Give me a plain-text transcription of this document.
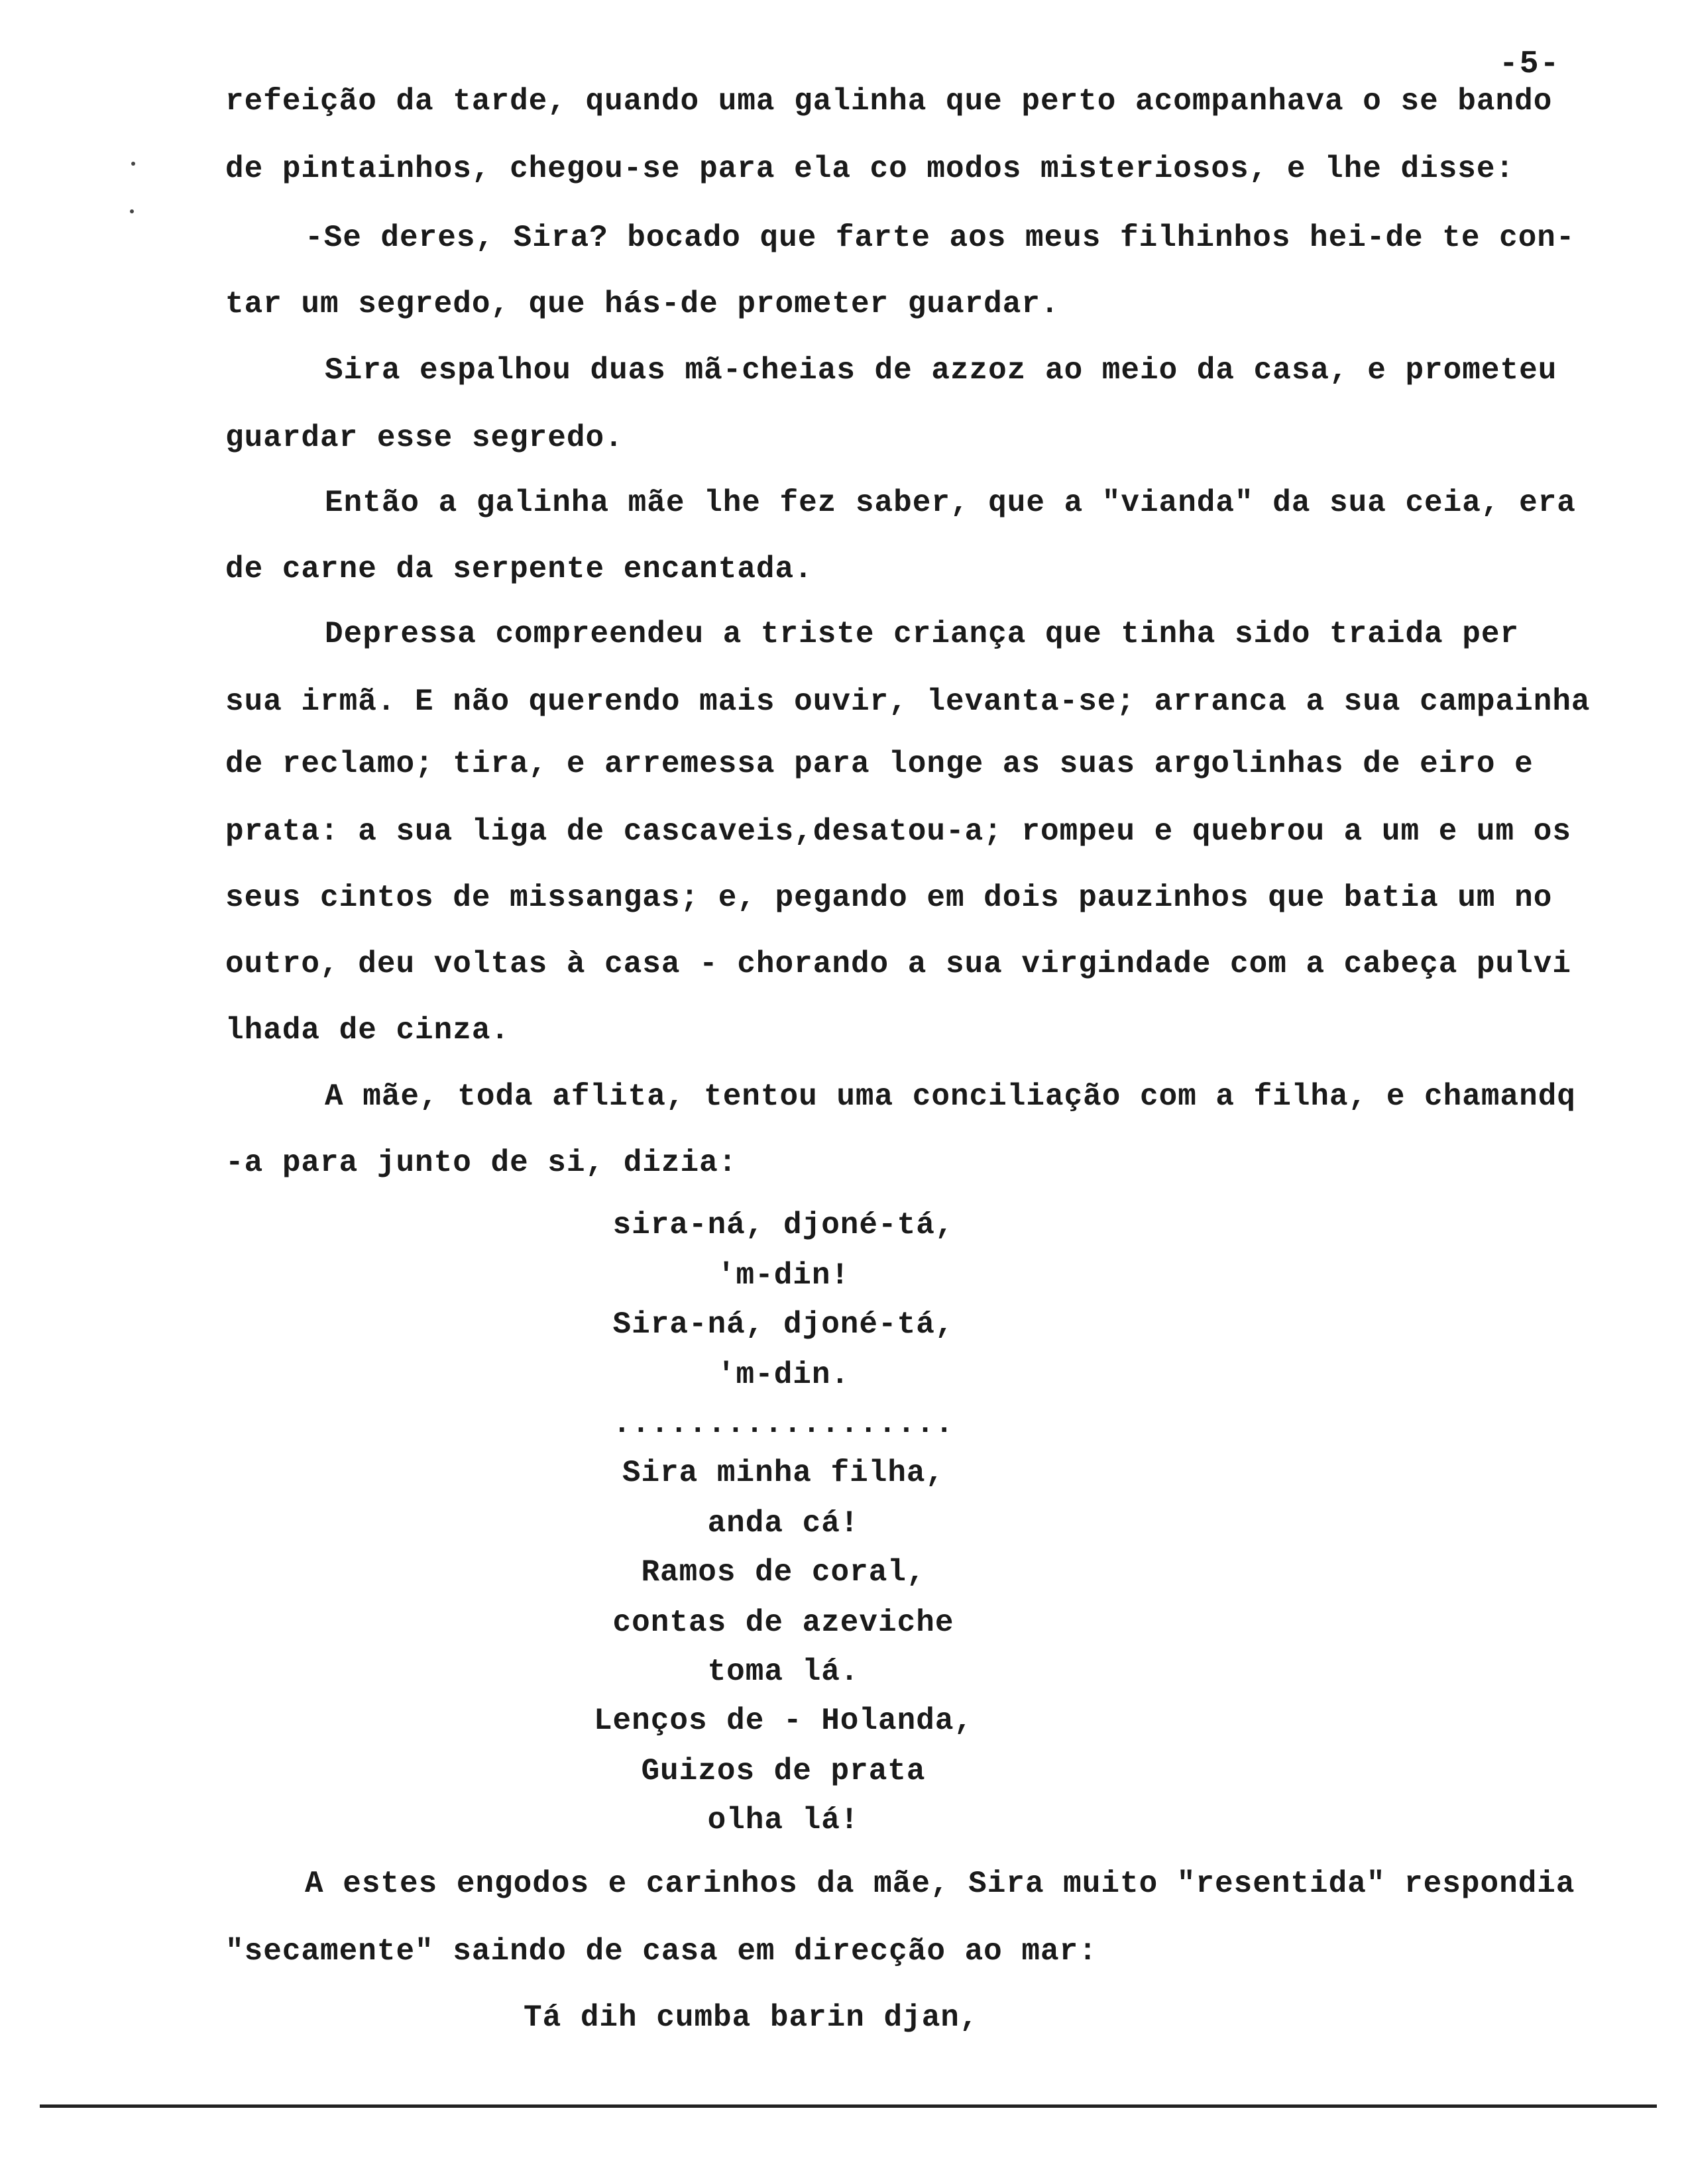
-5-
refeição da tarde, quando uma galinha que perto acompanhava o se bando
de pintainhos, chegou-se para ela co modos misteriosos, e lhe disse:
-Se deres, Sira? bocado que farte aos meus filhinhos hei-de te con-
tar um segredo, que hás-de prometer guardar.
Sira espalhou duas mã-cheias de azzoz ao meio da casa, e prometeu
guardar esse segredo.
Então a galinha mãe lhe fez saber, que a "vianda" da sua ceia, era
de carne da serpente encantada.
Depressa compreendeu a triste criança que tinha sido traida per
sua irmã. E não querendo mais ouvir, levanta-se; arranca a sua campainha
de reclamo; tira, e arremessa para longe as suas argolinhas de eiro e
prata: a sua liga de cascaveis,desatou-a; rompeu e quebrou a um e um os
seus cintos de missangas; e, pegando em dois pauzinhos que batia um no
outro, deu voltas à casa - chorando a sua virgindade com a cabeça pulvi
lhada de cinza.
A mãe, toda aflita, tentou uma conciliação com a filha, e chamandq
-a para junto de si, dizia:
sira-ná, djoné-tá,
'm-din!
Sira-ná, djoné-tá,
'm-din.
..................
Sira minha filha,
anda cá!
Ramos de coral,
contas de azeviche
toma lá.
Lenços de - Holanda,
Guizos de prata
olha lá!
A estes engodos e carinhos da mãe, Sira muito "resentida" respondia
"secamente" saindo de casa em direcção ao mar:
Tá dih cumba barin djan,
